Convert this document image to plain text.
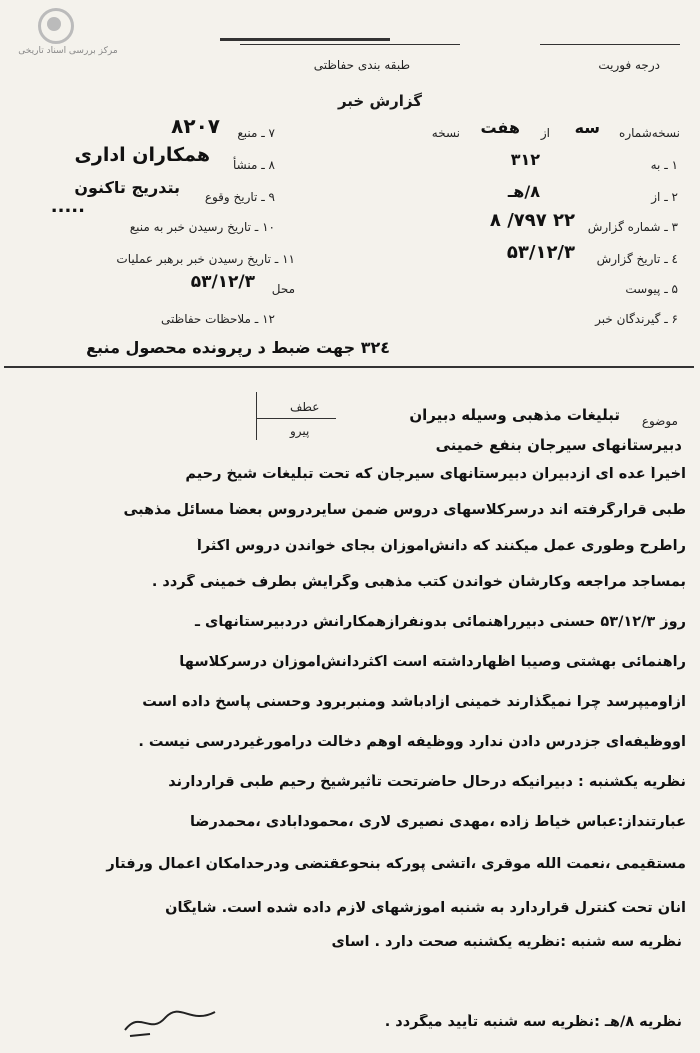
مرکز بررسی اسناد تاریخی
درجه فوریت
طبقه بندی حفاظتی
گزارش خبر
نسخه‌شماره
سه
از
هفت
نسخه
۱ ـ به
۳۱۲
۲ ـ از
۸/هـ
۳ ـ شماره گزارش
۲۲ ۷۹۷/ ۸
٤ ـ تاریخ گزارش
۵۳/۱۲/۳
۵ ـ پیوست
۶ ـ گیرندگان خبر
۷ ـ منبع
۸۲۰۷
۸ ـ منشأ
همکاران اداری
۹ ـ تاریخ وقوع
بتدریج تاکنون
۱۰ ـ تاریخ رسیدن خبر به منبع
.....
۱۱ ـ تاریخ رسیدن خبر برهبر عملیات
محل
۵۳/۱۲/۳
۱۲ ـ ملاحظات حفاظتی
۳۲٤ جهت ضبط د رپرونده محصول منبع
عطف
پیرو
موضوع
تبلیغات مذهبی وسیله دبیران
دبیرستانهای سیرجان بنفع خمینی
اخیراً عده ای ازدبیران دبیرستانهای سیرجان که تحت تبلیغات شیخ رحیم
طبی قرارگرفته اند درسرکلاسهای دروس ضمن سایردروس بعضاً مسائل مذهبی
راطرح وطوری عمل میکنند که دانش‌آموزان بجای خواندن دروس اکثراً
بمساجد مراجعه وکارشان خواندن کتب مذهبی وگرایش بطرف خمینی گردد .
روز ۵۳/۱۲/۳ حسنی دبیرراهنمائی بدونفرازهمکارانش دردبیرستانهای ـ
راهنمائی بهشتی وصیبا اظهارداشته است اکثردانش‌آموزان درسرکلاسها
ازاومیپرسد چرا نمیگذارند خمینی آزادباشد ومنبربرود وحسنی پاسخ داده است
اووظیفه‌ای جزدرس دادن ندارد ووظیفه اوهم دخالت درامورغیردرسی نیست .
نظریه یکشنبه : دبیرانیکه درحال حاضرتحت تأثیرشیخ رحیم طبی قراردارند
عبارتنداز:عباس خیاط زاده ،مهدی نصیری لاری ،محمودآبادی ،محمدرضا
مستقیمی ،نعمت الله موقری ،آتشی پورکه بنحوعقتضی ودرحدامکان اعمال ورفتار
آنان تحت کنترل قراردارد به شنبه آموزشهای لازم داده شده است. شایگان
نظریه سه شنبه :نظریه یکشنبه صحت دارد . آسای
نظریه ۸/هـ :نظریه سه شنبه تأیید میگردد .
